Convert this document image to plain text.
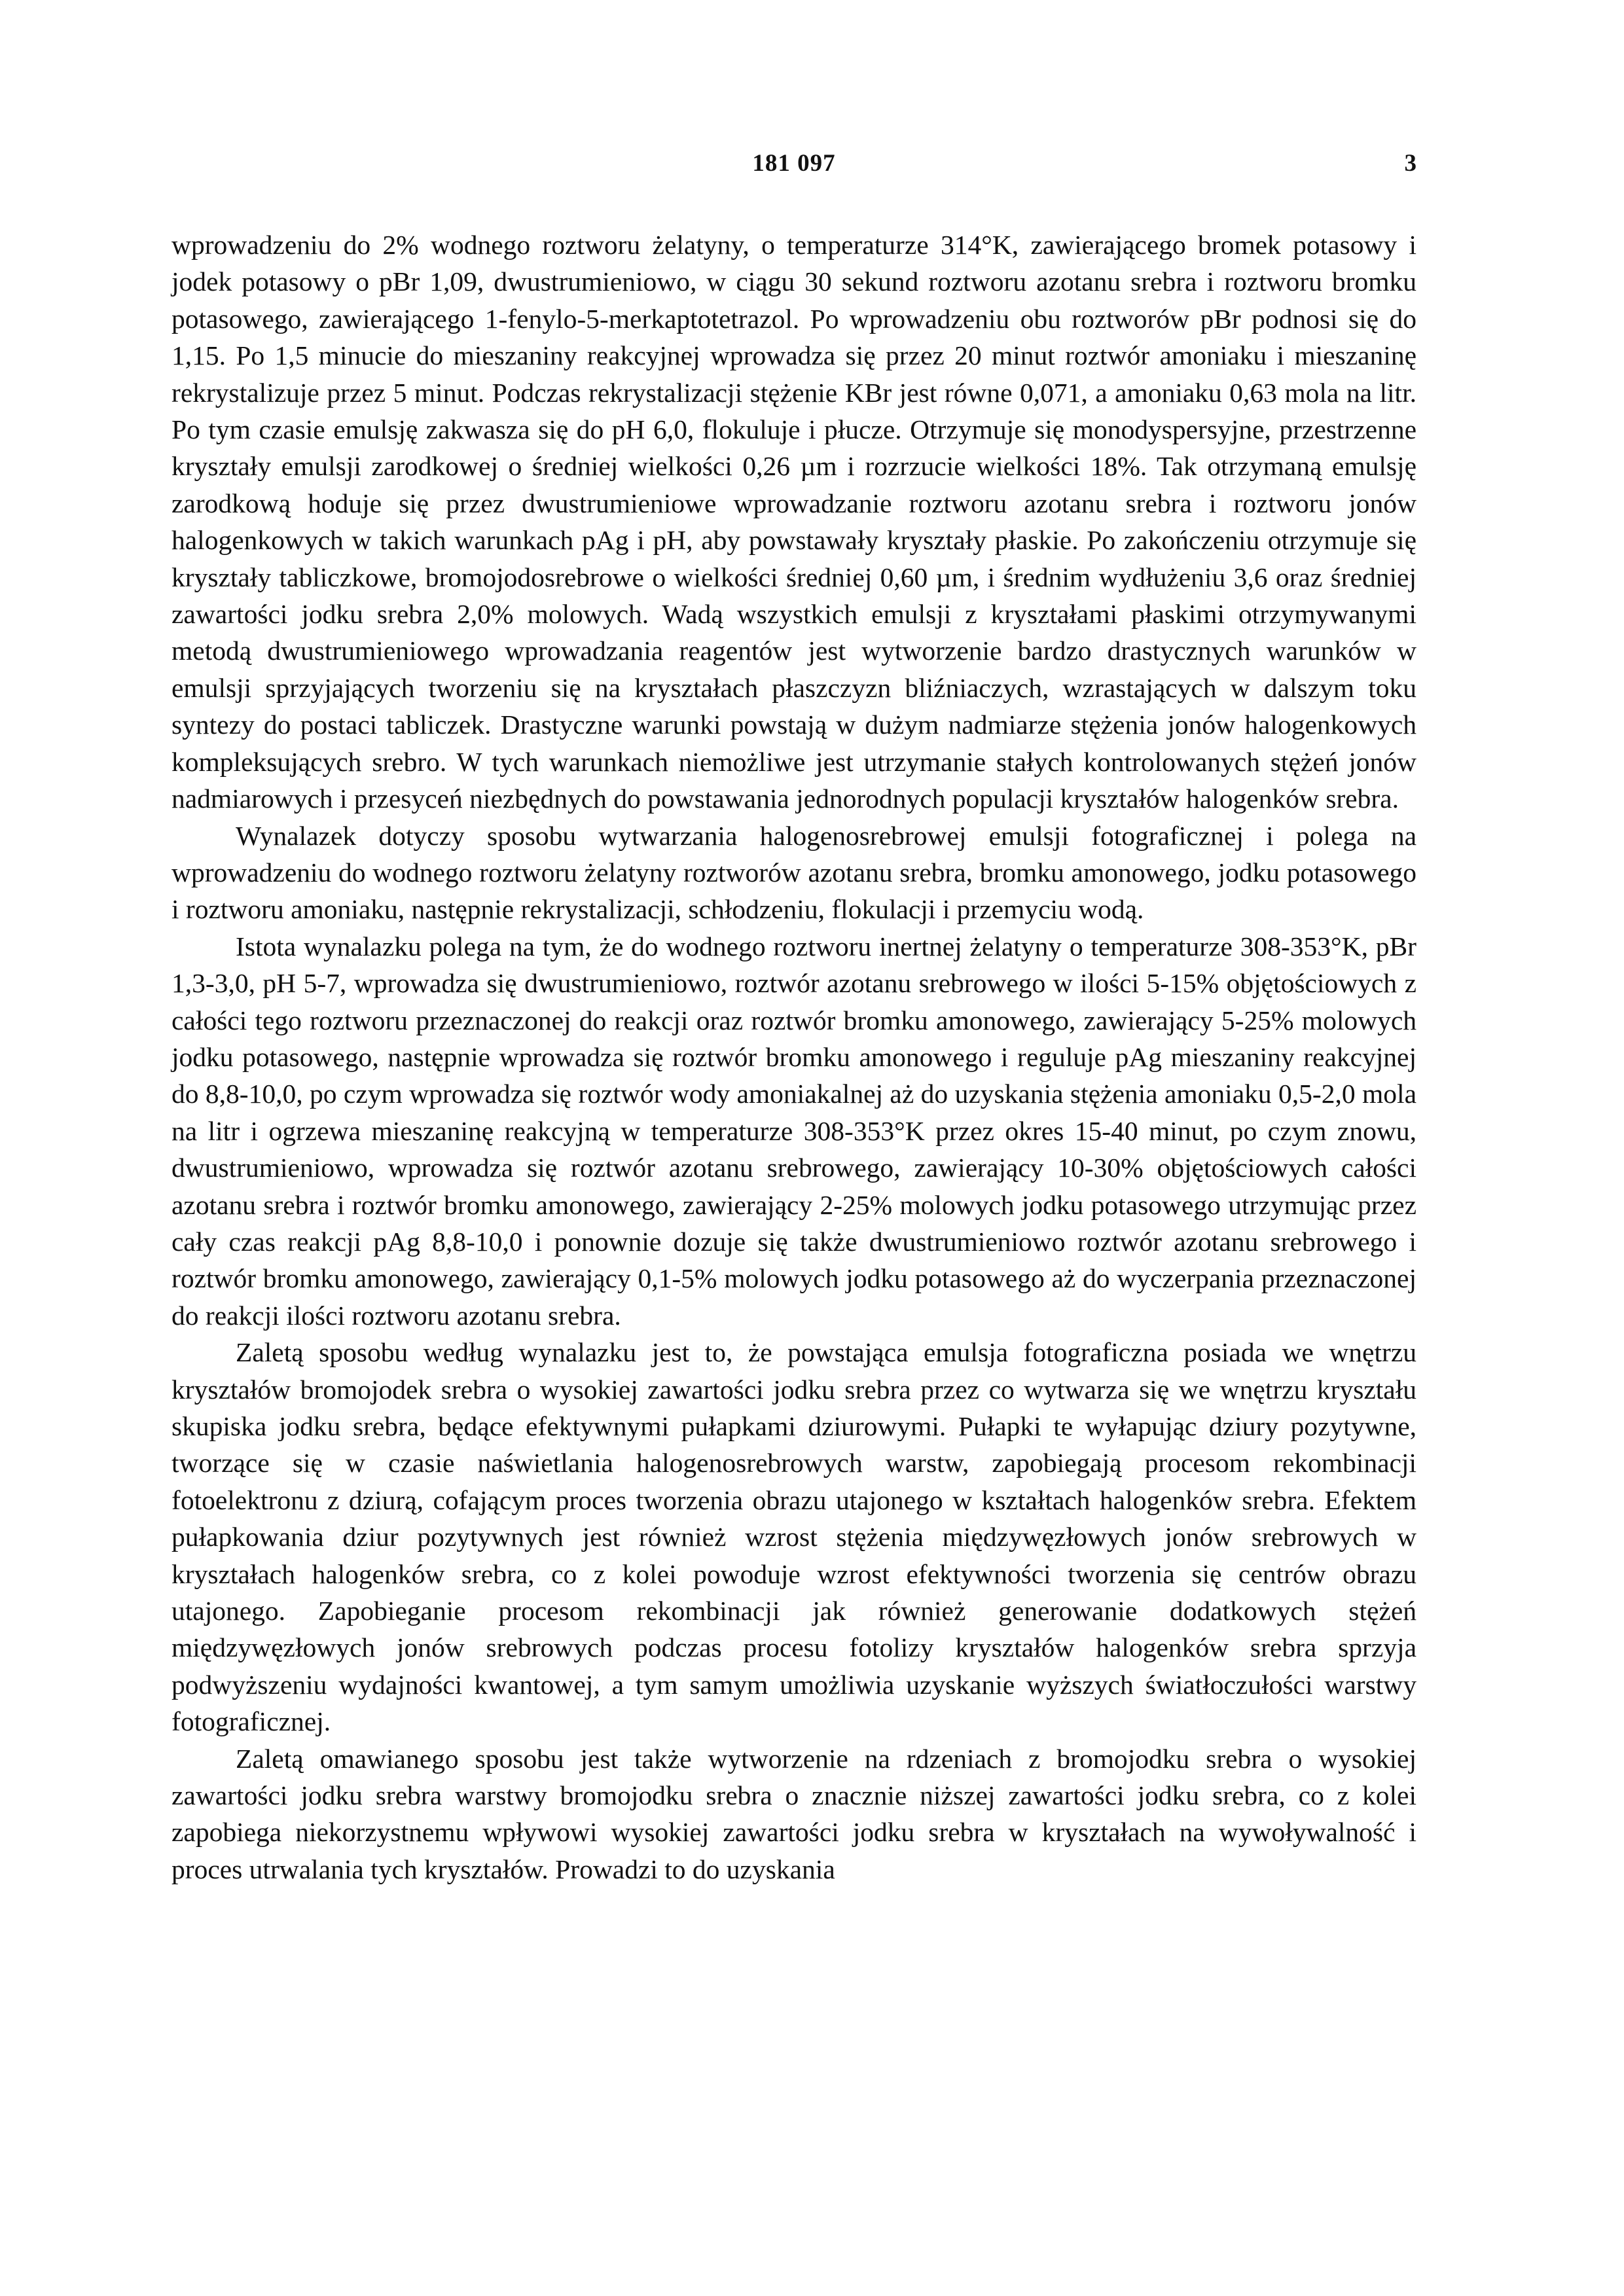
181 097	3

wprowadzeniu do 2% wodnego roztworu żelatyny, o temperaturze 314°K, zawierającego bromek potasowy i jodek potasowy o pBr 1,09, dwustrumieniowo, w ciągu 30 sekund roztworu azotanu srebra i roztworu bromku potasowego, zawierającego 1-fenylo-5-merkaptotetrazol. Po wprowadzeniu obu roztworów pBr podnosi się do 1,15. Po 1,5 minucie do mieszaniny reakcyjnej wprowadza się przez 20 minut roztwór amoniaku i mieszaninę rekrystalizuje przez 5 minut. Podczas rekrystalizacji stężenie KBr jest równe 0,071, a amoniaku 0,63 mola na litr. Po tym czasie emulsję zakwasza się do pH 6,0, flokuluje i płucze. Otrzymuje się monodyspersyjne, przestrzenne kryształy emulsji zarodkowej o średniej wielkości 0,26 µm i rozrzucie wielkości 18%. Tak otrzymaną emulsję zarodkową hoduje się przez dwustrumieniowe wprowadzanie roztworu azotanu srebra i roztworu jonów halogenkowych w takich warunkach pAg i pH, aby powstawały kryształy płaskie. Po zakończeniu otrzymuje się kryształy tabliczkowe, bromojodosrebrowe o wielkości średniej 0,60 µm, i średnim wydłużeniu 3,6 oraz średniej zawartości jodku srebra 2,0% molowych. Wadą wszystkich emulsji z kryształami płaskimi otrzymywanymi metodą dwustrumieniowego wprowadzania reagentów jest wytworzenie bardzo drastycznych warunków w emulsji sprzyjających tworzeniu się na kryształach płaszczyzn bliźniaczych, wzrastających w dalszym toku syntezy do postaci tabliczek. Drastyczne warunki powstają w dużym nadmiarze stężenia jonów halogenkowych kompleksujących srebro. W tych warunkach niemożliwe jest utrzymanie stałych kontrolowanych stężeń jonów nadmiarowych i przesyceń niezbędnych do powstawania jednorodnych populacji kryształów halogenków srebra.

Wynalazek dotyczy sposobu wytwarzania halogenosrebrowej emulsji fotograficznej i polega na wprowadzeniu do wodnego roztworu żelatyny roztworów azotanu srebra, bromku amonowego, jodku potasowego i roztworu amoniaku, następnie rekrystalizacji, schłodzeniu, flokulacji i przemyciu wodą.

Istota wynalazku polega na tym, że do wodnego roztworu inertnej żelatyny o temperaturze 308-353°K, pBr 1,3-3,0, pH 5-7, wprowadza się dwustrumieniowo, roztwór azotanu srebrowego w ilości 5-15% objętościowych z całości tego roztworu przeznaczonej do reakcji oraz roztwór bromku amonowego, zawierający 5-25% molowych jodku potasowego, następnie wprowadza się roztwór bromku amonowego i reguluje pAg mieszaniny reakcyjnej do 8,8-10,0, po czym wprowadza się roztwór wody amoniakalnej aż do uzyskania stężenia amoniaku 0,5-2,0 mola na litr i ogrzewa mieszaninę reakcyjną w temperaturze 308-353°K przez okres 15-40 minut, po czym znowu, dwustrumieniowo, wprowadza się roztwór azotanu srebrowego, zawierający 10-30% objętościowych całości azotanu srebra i roztwór bromku amonowego, zawierający 2-25% molowych jodku potasowego utrzymując przez cały czas reakcji pAg 8,8-10,0 i ponownie dozuje się także dwustrumieniowo roztwór azotanu srebrowego i roztwór bromku amonowego, zawierający 0,1-5% molowych jodku potasowego aż do wyczerpania przeznaczonej do reakcji ilości roztworu azotanu srebra.

Zaletą sposobu według wynalazku jest to, że powstająca emulsja fotograficzna posiada we wnętrzu kryształów bromojodek srebra o wysokiej zawartości jodku srebra przez co wytwarza się we wnętrzu kryształu skupiska jodku srebra, będące efektywnymi pułapkami dziurowymi. Pułapki te wyłapując dziury pozytywne, tworzące się w czasie naświetlania halogenosrebrowych warstw, zapobiegają procesom rekombinacji fotoelektronu z dziurą, cofającym proces tworzenia obrazu utajonego w kształtach halogenków srebra. Efektem pułapkowania dziur pozytywnych jest również wzrost stężenia międzywęzłowych jonów srebrowych w kryształach halogenków srebra, co z kolei powoduje wzrost efektywności tworzenia się centrów obrazu utajonego. Zapobieganie procesom rekombinacji jak również generowanie dodatkowych stężeń międzywęzłowych jonów srebrowych podczas procesu fotolizy kryształów halogenków srebra sprzyja podwyższeniu wydajności kwantowej, a tym samym umożliwia uzyskanie wyższych światłoczułości warstwy fotograficznej.

Zaletą omawianego sposobu jest także wytworzenie na rdzeniach z bromojodku srebra o wysokiej zawartości jodku srebra warstwy bromojodku srebra o znacznie niższej zawartości jodku srebra, co z kolei zapobiega niekorzystnemu wpływowi wysokiej zawartości jodku srebra w kryształach na wywoływalność i proces utrwalania tych kryształów. Prowadzi to do uzyskania
